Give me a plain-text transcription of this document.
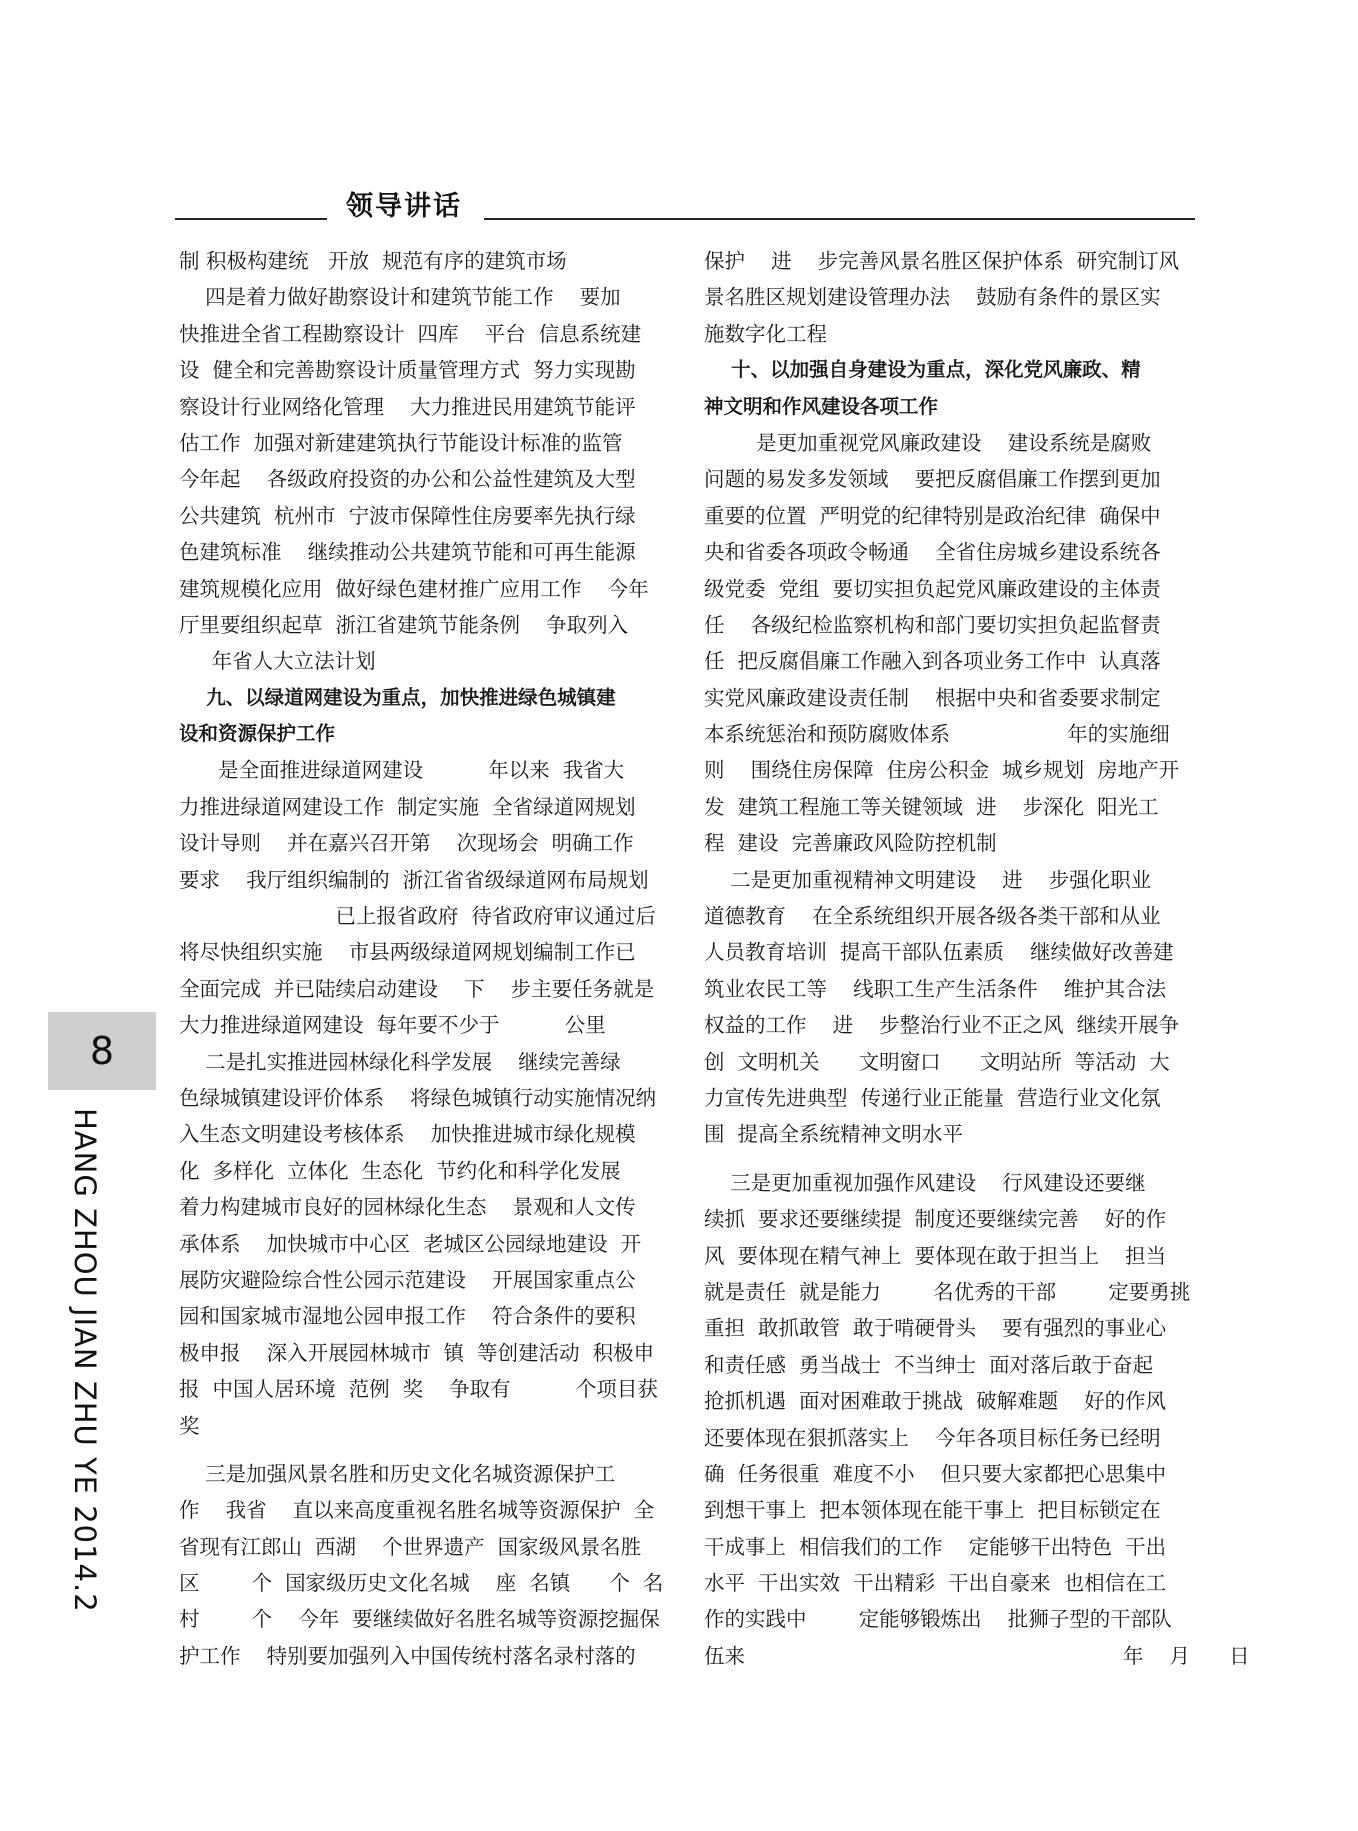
领导讲话
制 积极构建统   开放  规范有序的建筑市场
四是着力做好勘察设计和建筑节能工作    要加
快推进全省工程勘察设计  四库    平台  信息系统建
设  健全和完善勘察设计质量管理方式  努力实现勘
察设计行业网络化管理    大力推进民用建筑节能评
估工作  加强对新建建筑执行节能设计标准的监管
今年起    各级政府投资的办公和公益性建筑及大型
公共建筑  杭州市  宁波市保障性住房要率先执行绿
色建筑标准    继续推动公共建筑节能和可再生能源
建筑规模化应用  做好绿色建材推广应用工作    今年
厅里要组织起草  浙江省建筑节能条例    争取列入
年省人大立法计划
九、以绿道网建设为重点，加快推进绿色城镇建
设和资源保护工作
是全面推进绿道网建设          年以来  我省大
力推进绿道网建设工作  制定实施  全省绿道网规划
设计导则    并在嘉兴召开第    次现场会  明确工作
要求    我厅组织编制的  浙江省省级绿道网布局规划
已上报省政府  待省政府审议通过后
将尽快组织实施    市县两级绿道网规划编制工作已
全面完成  并已陆续启动建设    下    步主要任务就是
大力推进绿道网建设  每年要不少于          公里
二是扎实推进园林绿化科学发展    继续完善绿
色绿城镇建设评价体系    将绿色城镇行动实施情况纳
入生态文明建设考核体系    加快推进城市绿化规模
化  多样化  立体化  生态化  节约化和科学化发展
着力构建城市良好的园林绿化生态    景观和人文传
承体系    加快城市中心区  老城区公园绿地建设  开
展防灾避险综合性公园示范建设    开展国家重点公
园和国家城市湿地公园申报工作    符合条件的要积
极申报    深入开展园林城市  镇  等创建活动  积极申
报  中国人居环境  范例  奖    争取有          个项目获
奖
三是加强风景名胜和历史文化名城资源保护工
作    我省    直以来高度重视名胜名城等资源保护  全
省现有江郎山  西湖    个世界遗产  国家级风景名胜
区        个  国家级历史文化名城    座  名镇      个  名
村        个    今年  要继续做好名胜名城等资源挖掘保
护工作    特别要加强列入中国传统村落名录村落的
保护    进    步完善风景名胜区保护体系  研究制订风
景名胜区规划建设管理办法    鼓励有条件的景区实
施数字化工程
十、以加强自身建设为重点，深化党风廉政、精
神文明和作风建设各项工作
是更加重视党风廉政建设    建设系统是腐败
问题的易发多发领域    要把反腐倡廉工作摆到更加
重要的位置  严明党的纪律特别是政治纪律  确保中
央和省委各项政令畅通    全省住房城乡建设系统各
级党委  党组  要切实担负起党风廉政建设的主体责
任    各级纪检监察机构和部门要切实担负起监督责
任  把反腐倡廉工作融入到各项业务工作中  认真落
实党风廉政建设责任制    根据中央和省委要求制定
本系统惩治和预防腐败体系                  年的实施细
则    围绕住房保障  住房公积金  城乡规划  房地产开
发  建筑工程施工等关键领域  进    步深化  阳光工
程  建设  完善廉政风险防控机制
二是更加重视精神文明建设    进    步强化职业
道德教育    在全系统组织开展各级各类干部和从业
人员教育培训  提高干部队伍素质    继续做好改善建
筑业农民工等    线职工生产生活条件    维护其合法
权益的工作    进    步整治行业不正之风  继续开展争
创  文明机关      文明窗口      文明站所  等活动  大
力宣传先进典型  传递行业正能量  营造行业文化氛
围  提高全系统精神文明水平
三是更加重视加强作风建设    行风建设还要继
续抓  要求还要继续提  制度还要继续完善    好的作
风  要体现在精气神上  要体现在敢于担当上    担当
就是责任  就是能力        名优秀的干部        定要勇挑
重担  敢抓敢管  敢于啃硬骨头    要有强烈的事业心
和责任感  勇当战士  不当绅士  面对落后敢于奋起
抢抓机遇  面对困难敢于挑战  破解难题    好的作风
还要体现在狠抓落实上    今年各项目标任务已经明
确  任务很重  难度不小    但只要大家都把心思集中
到想干事上  把本领体现在能干事上  把目标锁定在
干成事上  相信我们的工作    定能够干出特色  干出
水平  干出实效  干出精彩  干出自豪来  也相信在工
作的实践中        定能够锻炼出    批狮子型的干部队
伍来                                                          年    月      日
8
HANG ZHOU JIAN ZHU YE 2014.2
